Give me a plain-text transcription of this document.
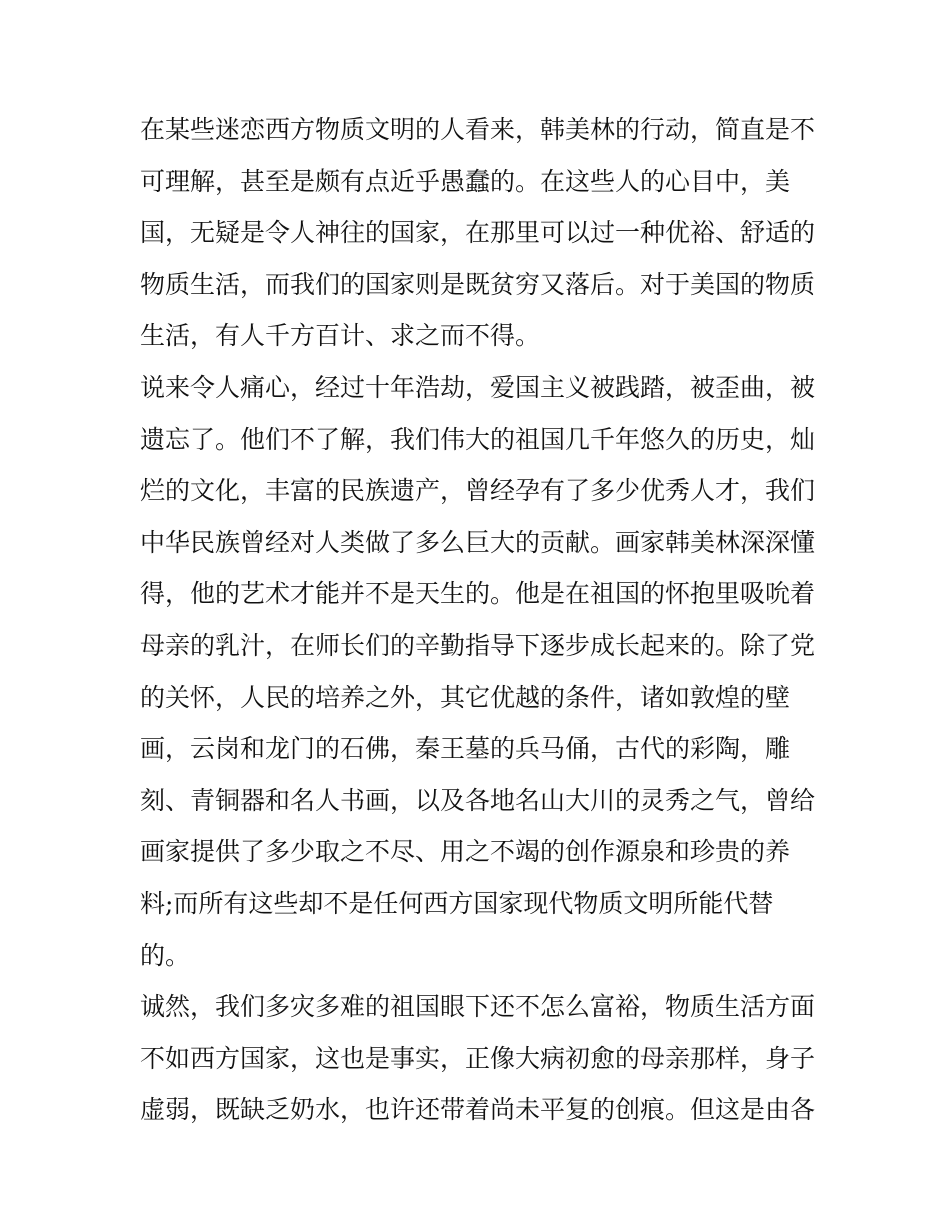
在某些迷恋西方物质文明的人看来，韩美林的行动，简直是不
可理解，甚至是颇有点近乎愚蠢的。在这些人的心目中，美
国，无疑是令人神往的国家，在那里可以过一种优裕、舒适的
物质生活，而我们的国家则是既贫穷又落后。对于美国的物质
生活，有人千方百计、求之而不得。
说来令人痛心，经过十年浩劫，爱国主义被践踏，被歪曲，被
遗忘了。他们不了解，我们伟大的祖国几千年悠久的历史，灿
烂的文化，丰富的民族遗产，曾经孕有了多少优秀人才，我们
中华民族曾经对人类做了多么巨大的贡献。画家韩美林深深懂
得，他的艺术才能并不是天生的。他是在祖国的怀抱里吸吮着
母亲的乳汁，在师长们的辛勤指导下逐步成长起来的。除了党
的关怀，人民的培养之外，其它优越的条件，诸如敦煌的壁
画，云岗和龙门的石佛，秦王墓的兵马俑，古代的彩陶，雕
刻、青铜器和名人书画，以及各地名山大川的灵秀之气，曾给
画家提供了多少取之不尽、用之不竭的创作源泉和珍贵的养
料;而所有这些却不是任何西方国家现代物质文明所能代替
的。
诚然，我们多灾多难的祖国眼下还不怎么富裕，物质生活方面
不如西方国家，这也是事实，正像大病初愈的母亲那样，身子
虚弱，既缺乏奶水，也许还带着尚未平复的创痕。但这是由各
